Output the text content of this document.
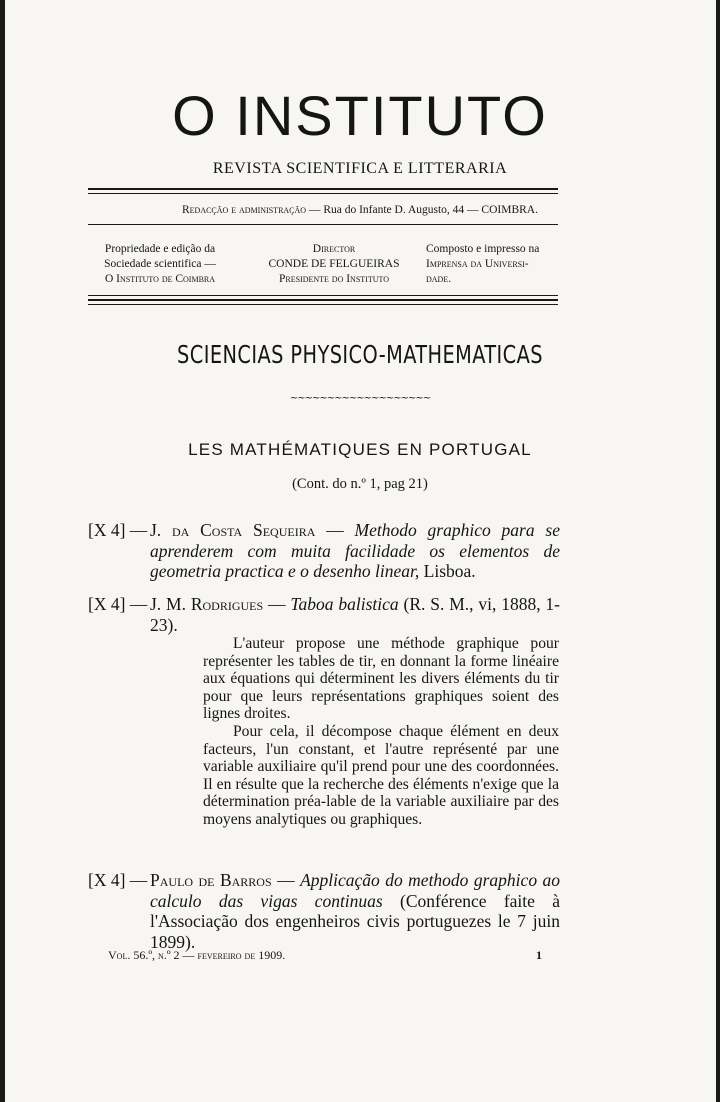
O INSTITUTO
REVISTA SCIENTIFICA E LITTERARIA
Redacção e administração — Rua do Infante D. Augusto, 44 — COIMBRA.
Propriedade e edição da
Sociedade scientifica —
O Instituto de Coimbra
Director
CONDE DE FELGUEIRAS
Presidente do Instituto
Composto e impresso na
Imprensa da Universi-
dade.
SCIENCIAS PHYSICO-MATHEMATICAS
~~~~~~~~~~~~~~~~~~~
LES MATHÉMATIQUES EN PORTUGAL
(Cont. do n.º 1, pag 21)
[X 4] — J. da Costa Sequeira — Methodo graphico para se aprenderem com muita facilidade os elementos de geometria practica e o desenho linear, Lisboa.
[X 4] — J. M. Rodrigues — Taboa balistica (R. S. M., vi, 1888, 1-23).

L'auteur propose une méthode graphique pour représenter les tables de tir, en donnant la forme linéaire aux équations qui déterminent les divers éléments du tir pour que leurs représentations graphiques soient des lignes droites.

Pour cela, il décompose chaque élément en deux facteurs, l'un constant, et l'autre représenté par une variable auxiliaire qu'il prend pour une des coordonnées. Il en résulte que la recherche des éléments n'exige que la détermination préa-lable de la variable auxiliaire par des moyens analytiques ou graphiques.

[X 4] — Paulo de Barros — Applicação do methodo graphico ao calculo das vigas continuas (Conférence faite à l'Associação dos engenheiros civis portuguezes le 7 juin 1899).
Vol. 56.º, n.º 2 — fevereiro de 1909.	1
